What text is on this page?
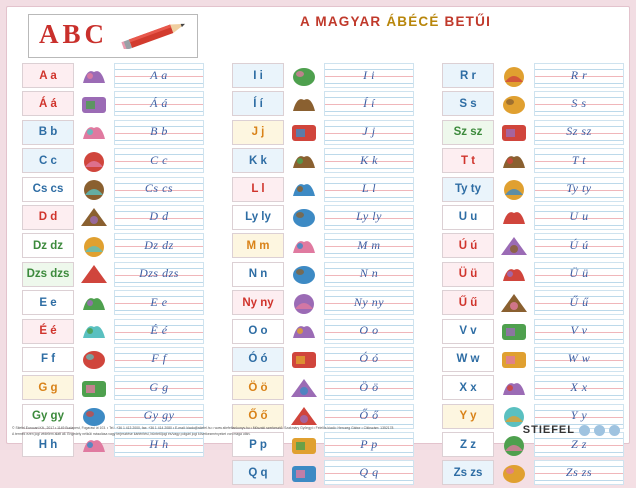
A MAGYAR ÁBÉCÉ BETŰI
ABC
A a	A a
Á á	Á á
B b	B b
C c	C c
Cs cs	Cs cs
D d	D d
Dz dz	Dz dz
Dzs dzs	Dzs dzs
E e	E e
É é	É é
F f	F f
G g	G g
Gy gy	Gy gy
H h	H h
I i	I i
Í í	Í í
J j	J j
K k	K k
L l	L l
Ly ly	Ly ly
M m	M m
N n	N n
Ny ny	Ny ny
O o	O o
Ó ó	Ó ó
Ö ö	Ö ö
Ő ő	Ő ő
P p	P p
Q q	Q q
R r	R r
S s	S s
Sz sz	Sz sz
T t	T t
Ty ty	Ty ty
U u	U u
Ú ú	Ú ú
Ü ü	Ü ü
Ű ű	Ű ű
V v	V v
W w	W w
X x	X x
Y y	Y y
Z z	Z z
Zs zs	Zs zs
© Stiefel Eurocart Kft., 2017 • 1149 Budapest, Fogarasi út 103. • Tel.: +36 1 413 2000, fax: +36 1 414 2080 • E-mail: kiado@stiefel.hu • www.stiefeltankonyv.hu • Műszaki szerkesztő: Szakmáry Gyöngyi • Felelős kiadó: Herczeg Gábor • Cikkszám: 1352178
A termék ezen jogi védelem alatt áll. Engedély nélküli másolása vagy terjesztése kártérítési, büntetőjogi és/vagy polgári jogi következményeket von maga után.	STIEFEL
